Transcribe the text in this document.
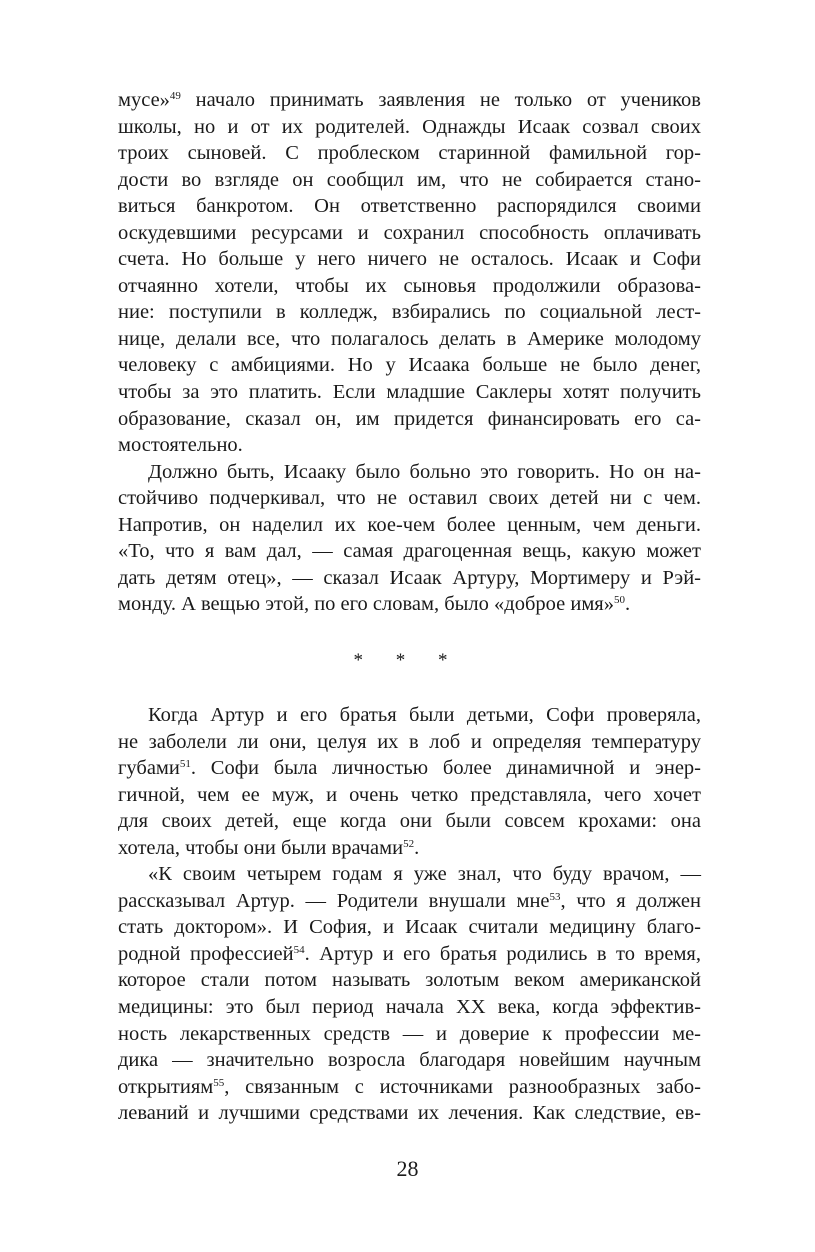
мусе»$^{49}$ начало принимать заявления не только от учеников
школы, но и от их родителей. Однажды Исаак созвал своих
троих сыновей. С проблеском старинной фамильной гор-
дости во взгляде он сообщил им, что не собирается стано-
виться банкротом. Он ответственно распорядился своими
оскудевшими ресурсами и сохранил способность оплачивать
счета. Но больше у него ничего не осталось. Исаак и Софи
отчаянно хотели, чтобы их сыновья продолжили образова-
ние: поступили в колледж, взбирались по социальной лест-
нице, делали все, что полагалось делать в Америке молодому
человеку с амбициями. Но у Исаака больше не было денег,
чтобы за это платить. Если младшие Саклеры хотят получить
образование, сказал он, им придется финансировать его са-
мостоятельно.
Должно быть, Исааку было больно это говорить. Но он на-
стойчиво подчеркивал, что не оставил своих детей ни с чем.
Напротив, он наделил их кое-чем более ценным, чем деньги.
«То, что я вам дал, — самая драгоценная вещь, какую может
дать детям отец», — сказал Исаак Артуру, Мортимеру и Рэй-
монду. А вещью этой, по его словам, было «доброе имя»$^{50}$.
* * *
Когда Артур и его братья были детьми, Софи проверяла,
не заболели ли они, целуя их в лоб и определяя температуру
губами$^{51}$. Софи была личностью более динамичной и энер-
гичной, чем ее муж, и очень четко представляла, чего хочет
для своих детей, еще когда они были совсем крохами: она
хотела, чтобы они были врачами$^{52}$.
«К своим четырем годам я уже знал, что буду врачом, —
рассказывал Артур. — Родители внушали мне$^{53}$, что я должен
стать доктором». И София, и Исаак считали медицину благо-
родной профессией$^{54}$. Артур и его братья родились в то время,
которое стали потом называть золотым веком американской
медицины: это был период начала XX века, когда эффектив-
ность лекарственных средств — и доверие к профессии ме-
дика — значительно возросла благодаря новейшим научным
открытиям$^{55}$, связанным с источниками разнообразных забо-
леваний и лучшими средствами их лечения. Как следствие, ев-
28
